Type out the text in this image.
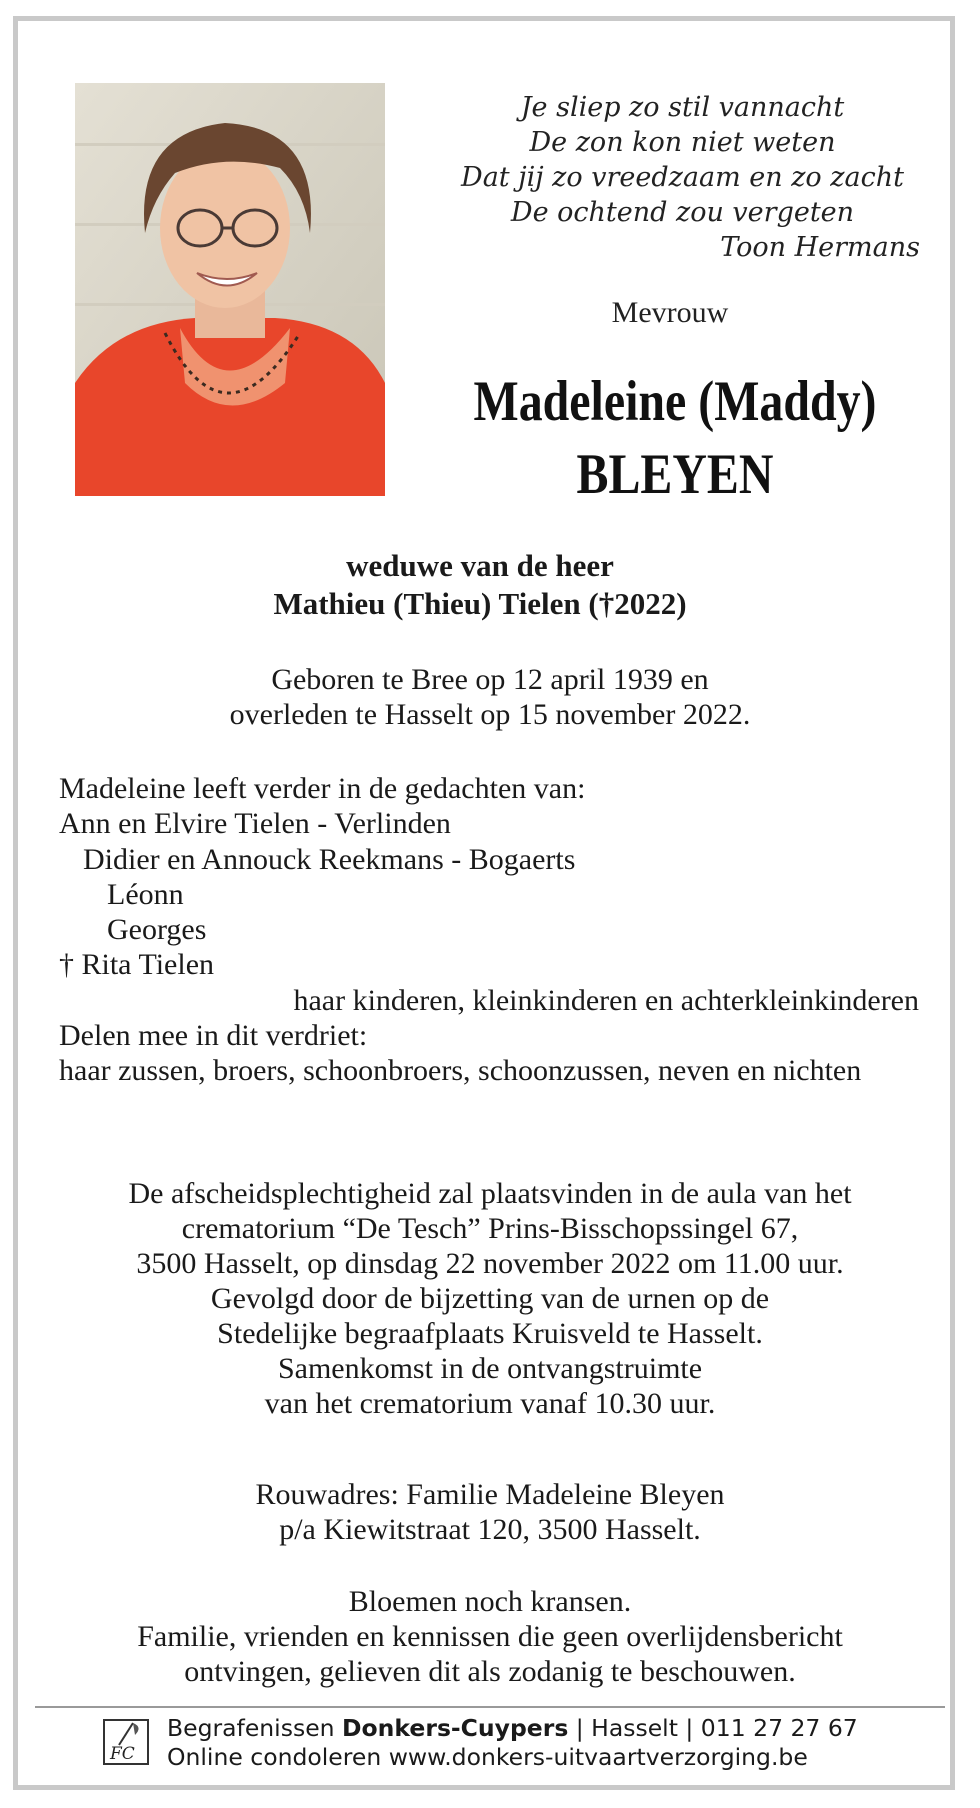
Je sliep zo stil vannacht
De zon kon niet weten
Dat jij zo vreedzaam en zo zacht
De ochtend zou vergeten
Toon Hermans
Mevrouw
Madeleine (Maddy)
BLEYEN
weduwe van de heer
Mathieu (Thieu) Tielen (†2022)
Geboren te Bree op 12 april 1939 en
overleden te Hasselt op 15 november 2022.
Madeleine leeft verder in de gedachten van:
Ann en Elvire Tielen - Verlinden
Didier en Annouck Reekmans - Bogaerts
Léonn
Georges
† Rita Tielen
haar kinderen, kleinkinderen en achterkleinkinderen
Delen mee in dit verdriet:
haar zussen, broers, schoonbroers, schoonzussen, neven en nichten
De afscheidsplechtigheid zal plaatsvinden in de aula van het
crematorium “De Tesch” Prins-Bisschopssingel 67,
3500 Hasselt, op dinsdag 22 november 2022 om 11.00 uur.
Gevolgd door de bijzetting van de urnen op de
Stedelijke begraafplaats Kruisveld te Hasselt.
Samenkomst in de ontvangstruimte
van het crematorium vanaf 10.30 uur.
Rouwadres: Familie Madeleine Bleyen
p/a Kiewitstraat 120, 3500 Hasselt.
Bloemen noch kransen.
Familie, vrienden en kennissen die geen overlijdensbericht
ontvingen, gelieven dit als zodanig te beschouwen.
FC
Begrafenissen Donkers-Cuypers | Hasselt | 011 27 27 67
Online condoleren www.donkers-uitvaartverzorging.be
